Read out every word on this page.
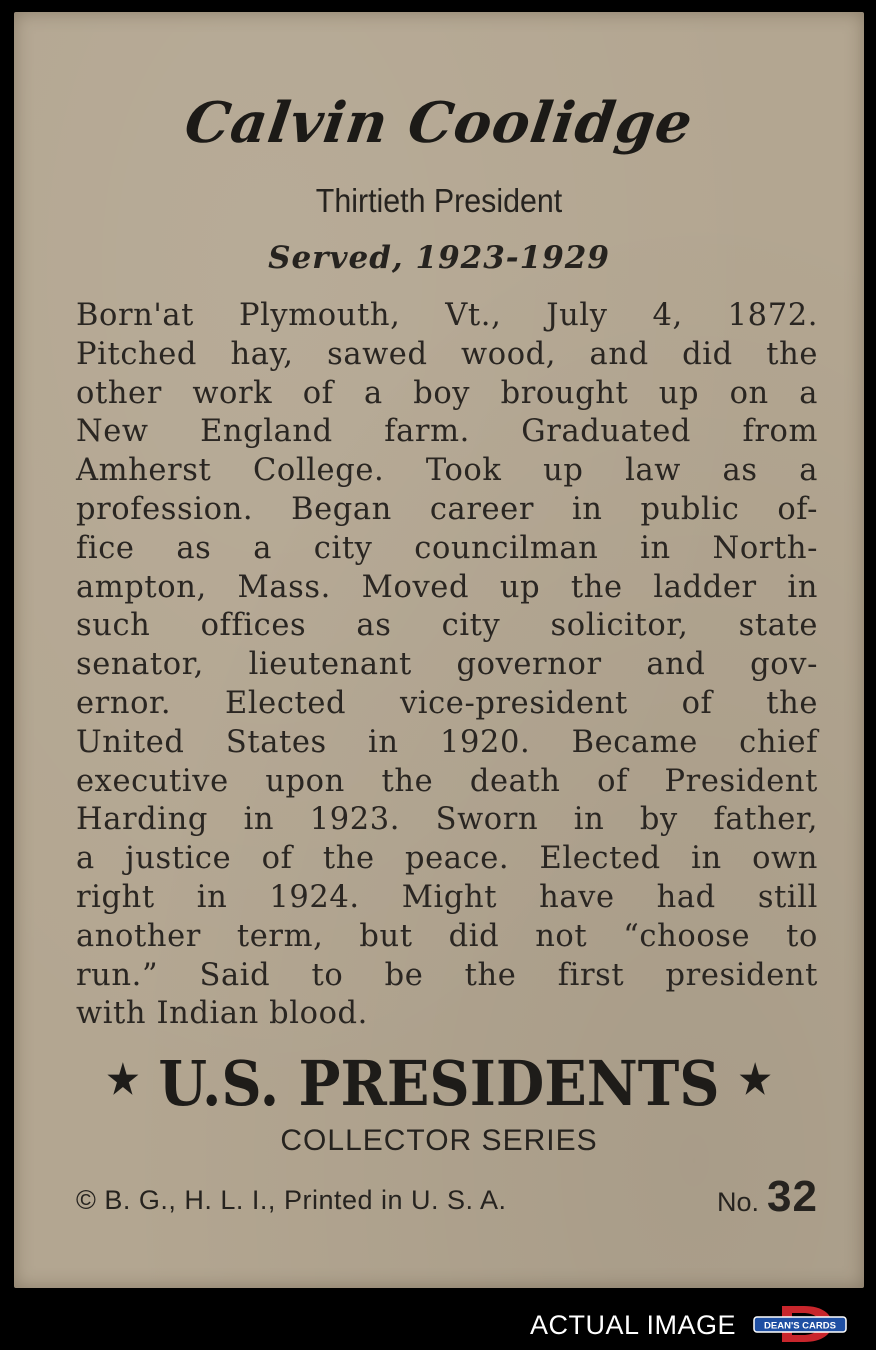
Calvin Coolidge
Thirtieth President
Served, 1923-1929
Born'at Plymouth, Vt., July 4, 1872.
Pitched hay, sawed wood, and did the
other work of a boy brought up on a
New England farm. Graduated from
Amherst College. Took up law as a
profession. Began career in public of-
fice as a city councilman in North-
ampton, Mass. Moved up the ladder in
such offices as city solicitor, state
senator, lieutenant governor and gov-
ernor. Elected vice-president of the
United States in 1920. Became chief
executive upon the death of President
Harding in 1923. Sworn in by father,
a justice of the peace. Elected in own
right in 1924. Might have had still
another term, but did not “choose to
run.” Said to be the first president
with Indian blood.
★ U.S. PRESIDENTS ★
COLLECTOR SERIES
© B. G., H. L. I., Printed in U. S. A.	No. 32
ACTUAL IMAGE	DEAN'S CARDS
